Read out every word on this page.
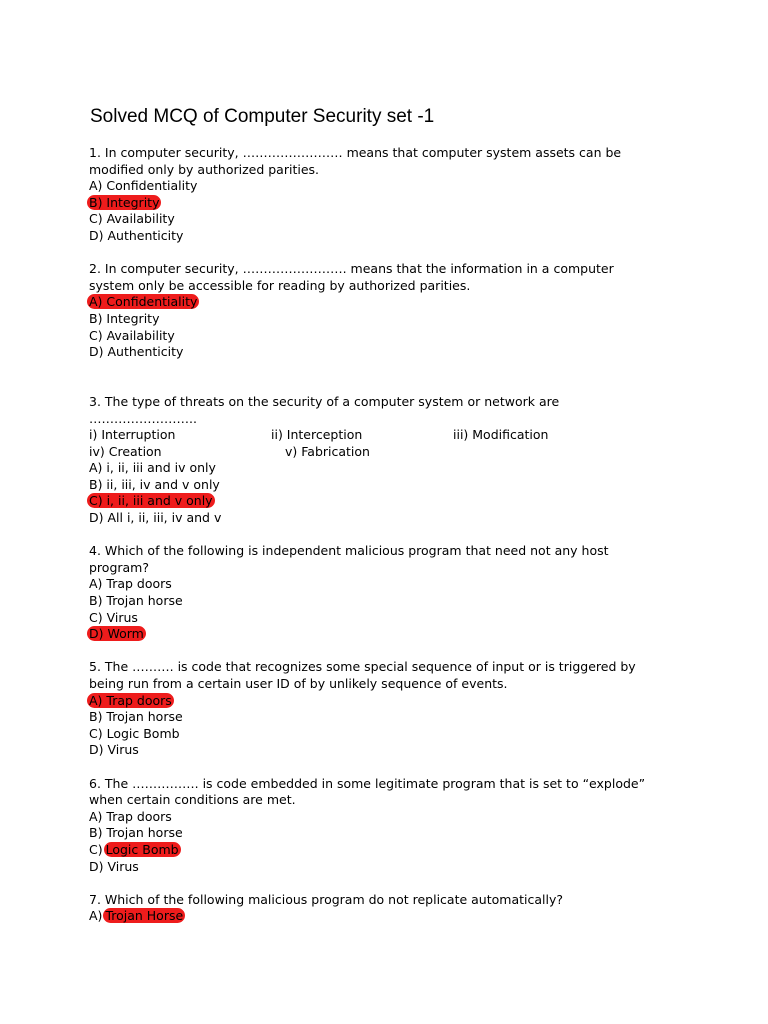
Solved MCQ of Computer Security set -1
1. In computer security, …………………… means that computer system assets can be
modified only by authorized parities.
A) Confidentiality
B) Integrity
C) Availability
D) Authenticity
2. In computer security, ……………………. means that the information in a computer
system only be accessible for reading by authorized parities.
A) Confidentiality
B) Integrity
C) Availability
D) Authenticity
3. The type of threats on the security of a computer system or network are
……………………..
i) Interruption	ii) Interception	iii) Modification
iv) Creation	v) Fabrication
A) i, ii, iii and iv only
B) ii, iii, iv and v only
C) i, ii, iii and v only
D) All i, ii, iii, iv and v
4. Which of the following is independent malicious program that need not any host
program?
A) Trap doors
B) Trojan horse
C) Virus
D) Worm
5. The ………. is code that recognizes some special sequence of input or is triggered by
being run from a certain user ID of by unlikely sequence of events.
A) Trap doors
B) Trojan horse
C) Logic Bomb
D) Virus
6. The ……………. is code embedded in some legitimate program that is set to “explode”
when certain conditions are met.
A) Trap doors
B) Trojan horse
C) Logic Bomb
D) Virus
7. Which of the following malicious program do not replicate automatically?
A) Trojan Horse
